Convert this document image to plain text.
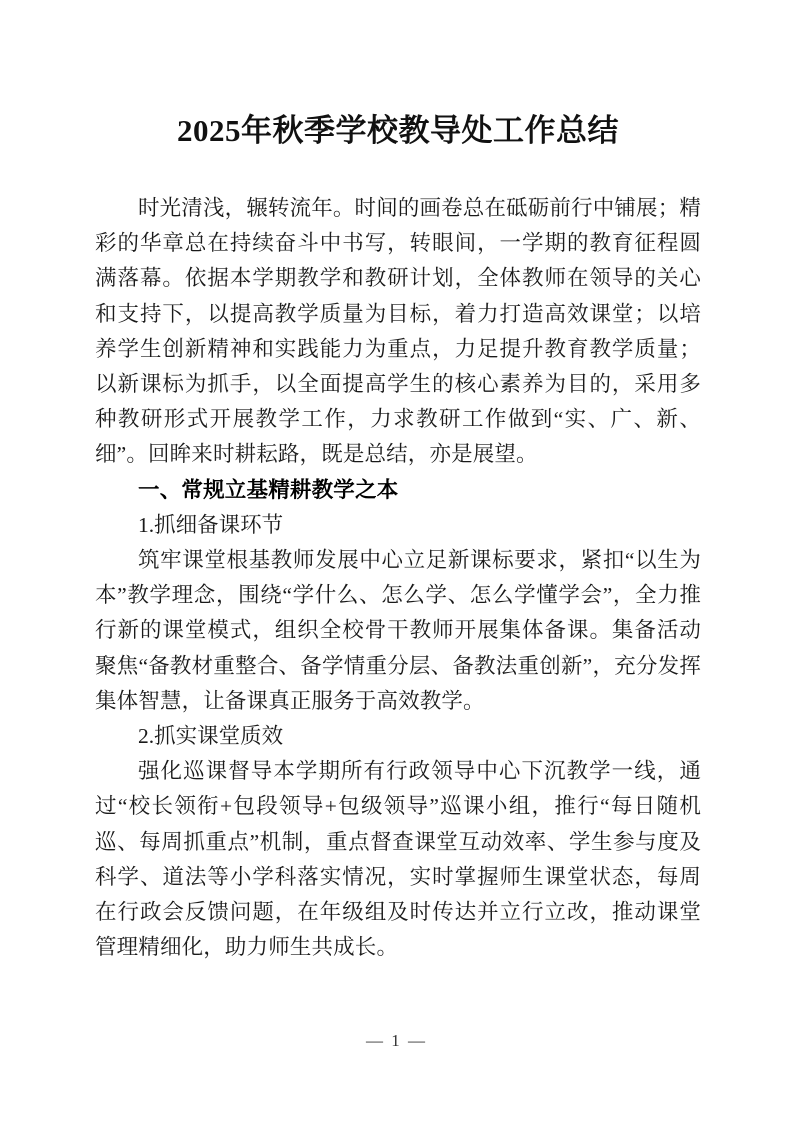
2025年秋季学校教导处工作总结

时光清浅，辗转流年。时间的画卷总在砥砺前行中铺展；精彩的华章总在持续奋斗中书写，转眼间，一学期的教育征程圆满落幕。依据本学期教学和教研计划，全体教师在领导的关心和支持下，以提高教学质量为目标，着力打造高效课堂；以培养学生创新精神和实践能力为重点，力足提升教育教学质量；以新课标为抓手，以全面提高学生的核心素养为目的，采用多种教研形式开展教学工作，力求教研工作做到“实、广、新、细”。回眸来时耕耘路，既是总结，亦是展望。

一、常规立基精耕教学之本

1.抓细备课环节

筑牢课堂根基教师发展中心立足新课标要求，紧扣“以生为本”教学理念，围绕“学什么、怎么学、怎么学懂学会”，全力推行新的课堂模式，组织全校骨干教师开展集体备课。集备活动聚焦“备教材重整合、备学情重分层、备教法重创新”，充分发挥集体智慧，让备课真正服务于高效教学。

2.抓实课堂质效

强化巡课督导本学期所有行政领导中心下沉教学一线，通过“校长领衔+包段领导+包级领导”巡课小组，推行“每日随机巡、每周抓重点”机制，重点督查课堂互动效率、学生参与度及科学、道法等小学科落实情况，实时掌握师生课堂状态，每周在行政会反馈问题，在年级组及时传达并立行立改，推动课堂管理精细化，助力师生共成长。

— 1 —
